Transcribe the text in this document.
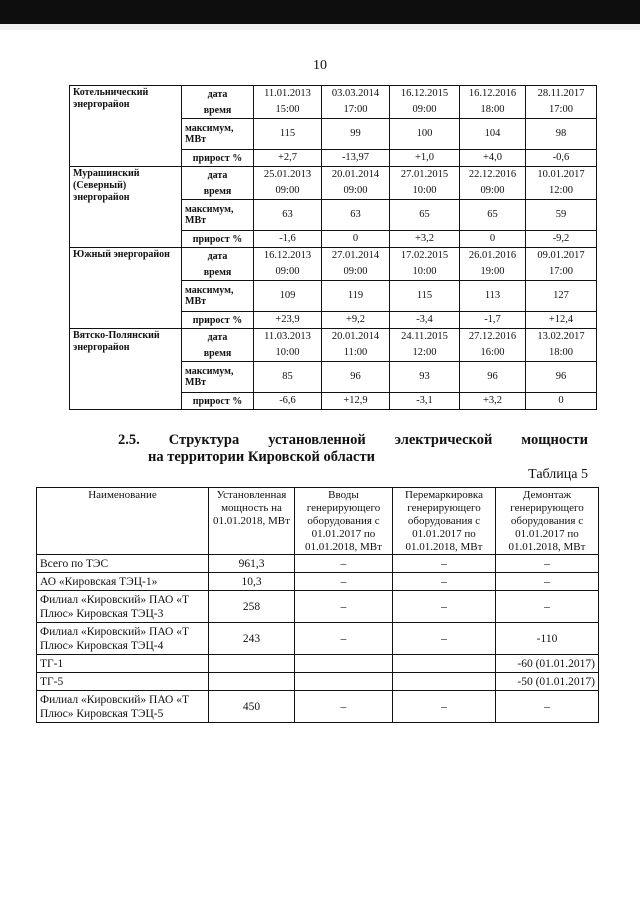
10
Котельнический энергорайон	дата	11.01.2013	03.03.2014	16.12.2015	16.12.2016	28.11.2017
	время	15:00	17:00	09:00	18:00	17:00
	максимум, МВт	115	99	100	104	98
	прирост %	+2,7	-13,97	+1,0	+4,0	-0,6
Мурашинский (Северный) энергорайон	дата	25.01.2013	20.01.2014	27.01.2015	22.12.2016	10.01.2017
	время	09:00	09:00	10:00	09:00	12:00
	максимум, МВт	63	63	65	65	59
	прирост %	-1,6	0	+3,2	0	-9,2
Южный энергорайон	дата	16.12.2013	27.01.2014	17.02.2015	26.01.2016	09.01.2017
	время	09:00	09:00	10:00	19:00	17:00
	максимум, МВт	109	119	115	113	127
	прирост %	+23,9	+9,2	-3,4	-1,7	+12,4
Вятско-Полянский энергорайон	дата	11.03.2013	20.01.2014	24.11.2015	27.12.2016	13.02.2017
	время	10:00	11:00	12:00	16:00	18:00
	максимум, МВт	85	96	93	96	96
	прирост %	-6,6	+12,9	-3,1	+3,2	0
2.5. Структура установленной электрической мощности
на территории Кировской области
Таблица 5
Наименование	Установленная мощность на 01.01.2018, МВт	Вводы генерирующего оборудования с 01.01.2017 по 01.01.2018, МВт	Перемаркировка генерирующего оборудования с 01.01.2017 по 01.01.2018, МВт	Демонтаж генерирующего оборудования с 01.01.2017 по 01.01.2018, МВт
Всего по ТЭС	961,3	–	–	–
АО «Кировская ТЭЦ-1»	10,3	–	–	–
Филиал «Кировский» ПАО «Т Плюс» Кировская ТЭЦ-3	258	–	–	–
Филиал «Кировский» ПАО «Т Плюс» Кировская ТЭЦ-4	243	–	–	-110
ТГ-1				-60 (01.01.2017)
ТГ-5				-50 (01.01.2017)
Филиал «Кировский» ПАО «Т Плюс» Кировская ТЭЦ-5	450	–	–	–
